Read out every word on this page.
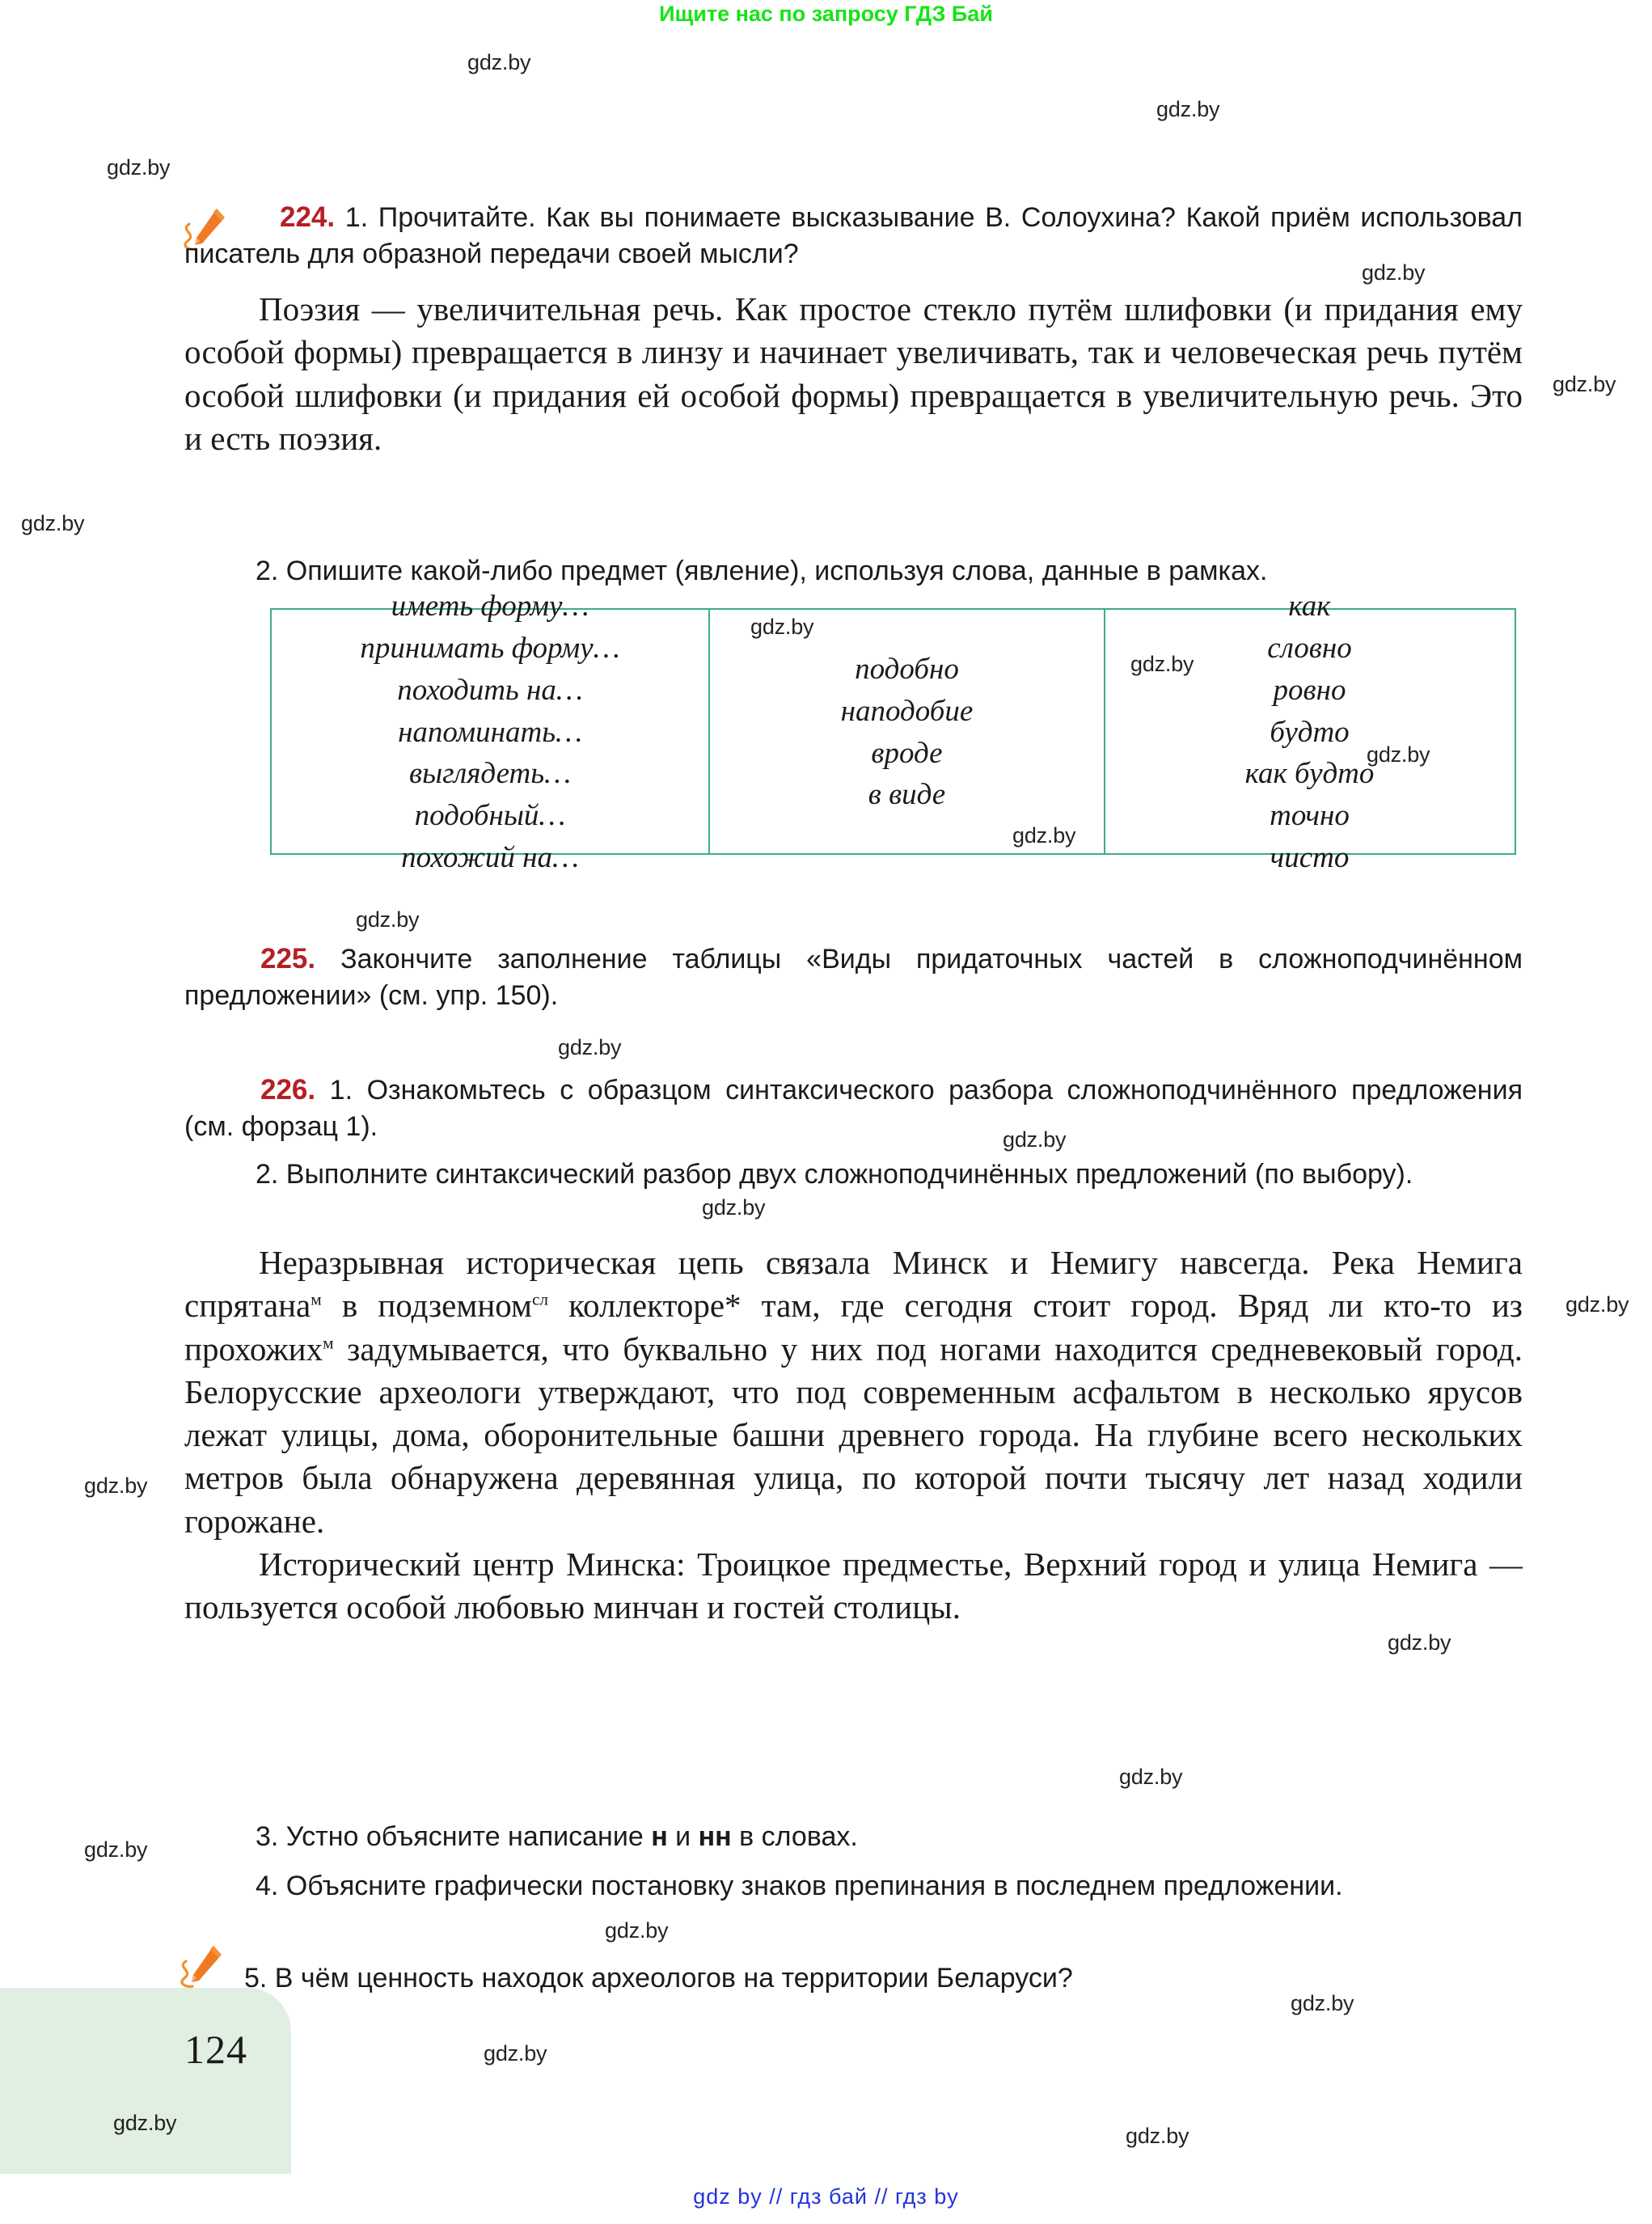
Ищите нас по запросу ГДЗ Бай

224. 1. Прочитайте. Как вы понимаете высказывание В. Солоухина? Какой приём использовал писатель для образной передачи своей мысли?

Поэзия — увеличительная речь. Как простое стекло путём шлифовки (и придания ему особой формы) превращается в линзу и начинает увеличивать, так и человеческая речь путём особой шлифовки (и придания ей особой формы) превращается в увеличительную речь. Это и есть поэзия.

2. Опишите какой-либо предмет (явление), используя слова, данные в рамках.

иметь форму…
принимать форму…
походить на…
напоминать…
выглядеть…
подобный…
похожий на…
подобно
наподобие
вроде
в виде
как
словно
ровно
будто
как будто
точно
чисто

225. Закончите заполнение таблицы «Виды придаточных частей в сложноподчинённом предложении» (см. упр. 150).

226. 1. Ознакомьтесь с образцом синтаксического разбора сложноподчинённого предложения (см. форзац 1).

2. Выполните синтаксический разбор двух сложноподчинённых предложений (по выбору).

Неразрывная историческая цепь связала Минск и Немигу навсегда. Река Немига спрятана$^м$ в подземном$^{сл}$ коллекторе* там, где сегодня стоит город. Вряд ли кто-то из прохожих$^м$ задумывается, что буквально у них под ногами находится средневековый город. Белорусские археологи утверждают, что под современным асфальтом в несколько ярусов лежат улицы, дома, оборонительные башни древнего города. На глубине всего нескольких метров была обнаружена деревянная улица, по которой почти тысячу лет назад ходили горожане.

Исторический центр Минска: Троицкое предместье, Верхний город и улица Немига — пользуется особой любовью минчан и гостей столицы.

3. Устно объясните написание н и нн в словах.

4. Объясните графически постановку знаков препинания в последнем предложении.

5. В чём ценность находок археологов на территории Беларуси?

124
gdz.by
gdz.by
gdz.by
gdz.by
gdz.by
gdz.by
gdz.by
gdz.by
gdz.by
gdz.by
gdz.by
gdz.by
gdz.by
gdz.by
gdz.by
gdz.by
gdz.by
gdz.by
gdz.by
gdz.by
gdz.by
gdz.by
gdz.by
gdz.by
gdz by // гдз бай // гдз by
